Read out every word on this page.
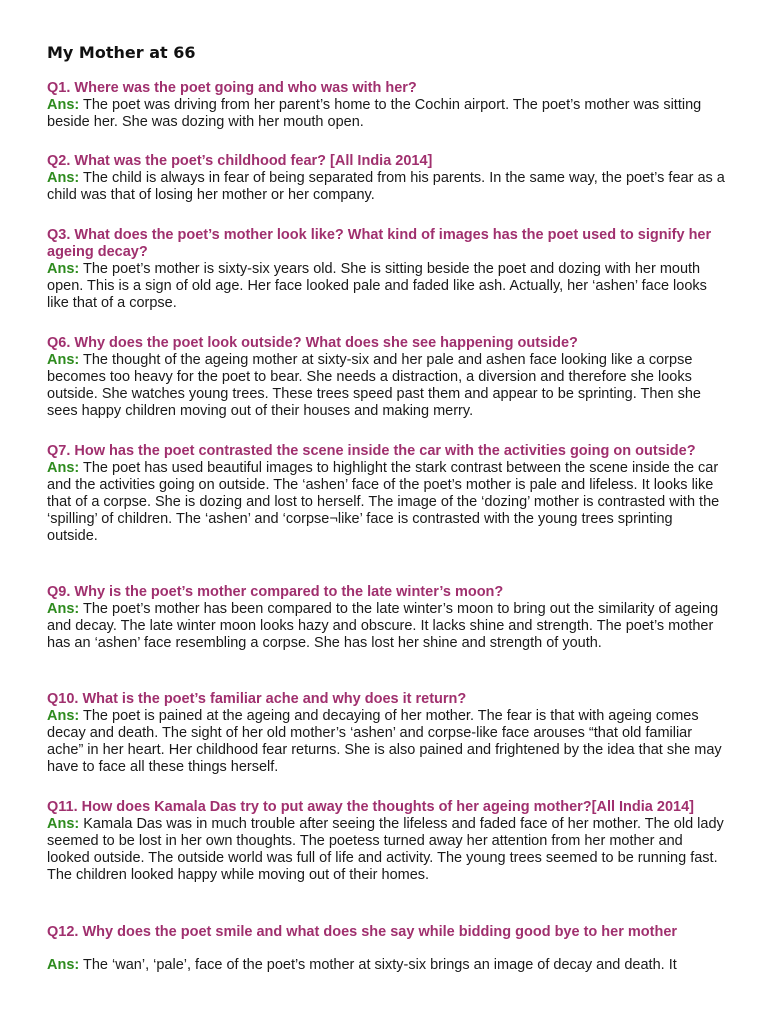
My Mother at 66

Q1. Where was the poet going and who was with her?

Ans: The poet was driving from her parent’s home to the Cochin airport. The poet’s mother was sitting beside her. She was dozing with her mouth open.

Q2. What was the poet’s childhood fear? [All India 2014]

Ans: The child is always in fear of being separated from his parents. In the same way, the poet’s fear as a child was that of losing her mother or her company.

Q3. What does the poet’s mother look like? What kind of images has the poet used to signify her ageing decay?

Ans: The poet’s mother is sixty-six years old. She is sitting beside the poet and dozing with her mouth open. This is a sign of old age. Her face looked pale and faded like ash. Actually, her ‘ashen’ face looks like that of a corpse.

Q6. Why does the poet look outside? What does she see happening outside?

Ans: The thought of the ageing mother at sixty-six and her pale and ashen face looking like a corpse becomes too heavy for the poet to bear. She needs a distraction, a diversion and therefore she looks outside. She watches young trees. These trees speed past them and appear to be sprinting. Then she sees happy children moving out of their houses and making merry.

Q7. How has the poet contrasted the scene inside the car with the activities going on outside?

Ans: The poet has used beautiful images to highlight the stark contrast between the scene inside the car and the activities going on outside. The ‘ashen’ face of the poet’s mother is pale and lifeless. It looks like that of a corpse. She is dozing and lost to herself. The image of the ‘dozing’ mother is contrasted with the ‘spilling’ of children. The ‘ashen’ and ‘corpse¬like’ face is contrasted with the young trees sprinting outside.

Q9. Why is the poet’s mother compared to the late winter’s moon?

Ans: The poet’s mother has been compared to the late winter’s moon to bring out the similarity of ageing and decay. The late winter moon looks hazy and obscure. It lacks shine and strength. The poet’s mother has an ‘ashen’ face resembling a corpse. She has lost her shine and strength of youth.

Q10. What is the poet’s familiar ache and why does it return?

Ans: The poet is pained at the ageing and decaying of her mother. The fear is that with ageing comes decay and death. The sight of her old mother’s ‘ashen’ and corpse-like face arouses “that old familiar ache” in her heart. Her childhood fear returns. She is also pained and frightened by the idea that she may have to face all these things herself.

Q11. How does Kamala Das try to put away the thoughts of her ageing mother?[All India 2014]

Ans: Kamala Das was in much trouble after seeing the lifeless and faded face of her mother. The old lady seemed to be lost in her own thoughts. The poetess turned away her attention from her mother and looked outside. The outside world was full of life and activity. The young trees seemed to be running fast. The children looked happy while moving out of their homes.

Q12. Why does the poet smile and what does she say while bidding good bye to her mother

Ans: The ‘wan’, ‘pale’, face of the poet’s mother at sixty-six brings an image of decay and death. It
